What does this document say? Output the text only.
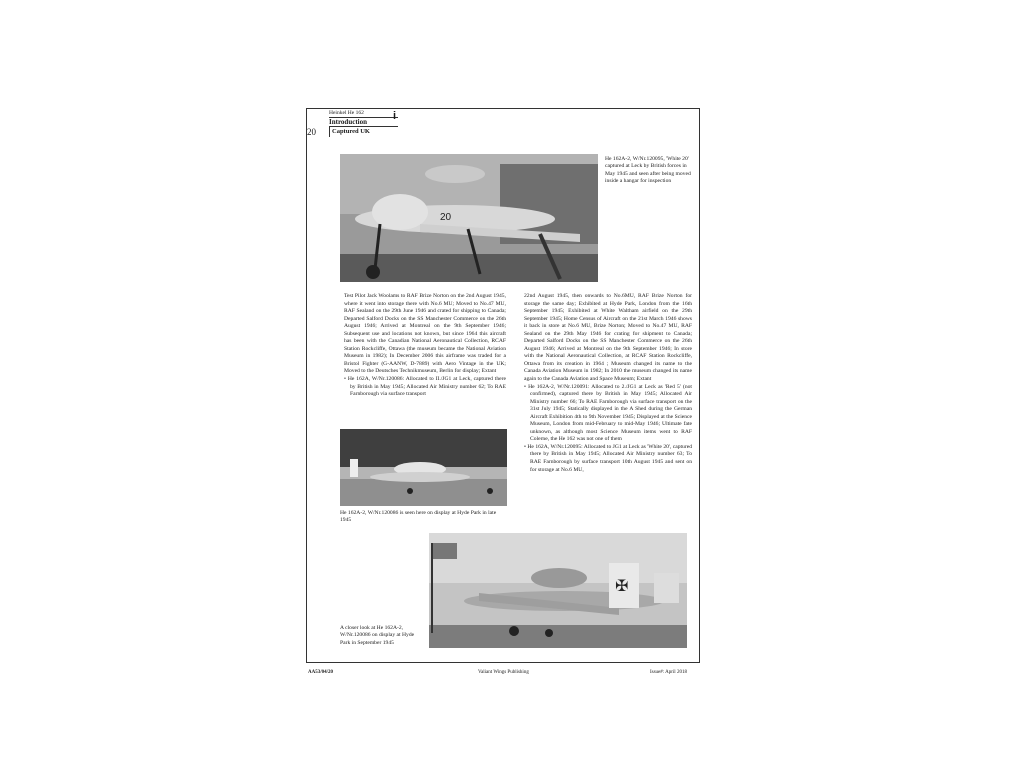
Heinkel He 162
Introduction
20	Captured UK
i
20
He 162A-2, W/Nr.120095, 'White 20' captured at Leck by British forces in May 1945 and seen after being moved inside a hangar for inspection

Test Pilot Jack Woolams to RAF Brize Norton on the 2nd August 1945, where it went into storage there with No.6 MU; Moved to No.47 MU, RAF Sealand on the 29th June 1946 and crated for shipping to Canada; Departed Salford Docks on the SS Manchester Commerce on the 26th August 1946; Arrived at Montreal on the 9th September 1946; Subsequent use and locations not known, but since 1964 this aircraft has been with the Canadian National Aeronautical Collection, RCAF Station Rockcliffe, Ottawa (the museum became the National Aviation Museum in 1982); In December 2006 this airframe was traded for a Bristol Fighter (G-AANW, D-7889) with Aero Vintage in the UK; Moved to the Deutsches Technikmuseum, Berlin for display; Extant

• He 162A, W/Nr.120086: Allocated to II./JG1 at Leck, captured there by British in May 1945; Allocated Air Ministry number 62; To RAE Farnborough via surface transport

22nd August 1945, then onwards to No.6MU, RAF Brize Norton for storage the same day; Exhibited at Hyde Park, London from the 16th September 1945; Exhibited at White Waltham airfield on the 29th September 1945; Home Census of Aircraft on the 21st March 1946 shows it back in store at No.6 MU, Brize Norton; Moved to No.47 MU, RAF Sealand on the 29th May 1946 for crating for shipment to Canada; Departed Salford Docks on the SS Manchester Commerce on the 26th August 1946; Arrived at Montreal on the 9th September 1946; In store with the National Aeronautical Collection, at RCAF Station Rockcliffe, Ottawa from its creation in 1964 ; Museum changed its name to the Canada Aviation Museum in 1982; In 2010 the museum changed its name again to the Canada Aviation and Space Museum; Extant

• He 162A-2, W/Nr.120091: Allocated to 2./JG1 at Leck as 'Red 5' (not confirmed), captured there by British in May 1945; Allocated Air Ministry number 66; To RAE Farnborough via surface transport on the 31st July 1945; Statically displayed in the A Shed during the German Aircraft Exhibition 4th to 9th November 1945; Displayed at the Science Museum, London from mid-February to mid-May 1946; Ultimate fate unknown, as although most Science Museum items went to RAF Colerne, the He 162 was not one of them
• He 162A, W/Nr.120095: Allocated to JG1 at Leck as 'White 20', captured there by British in May 1945; Allocated Air Ministry number 63; To RAE Farnborough by surface transport 10th August 1945 and sent on for storage at No.6 MU,
He 162A-2, W/Nr.120086 is seen here on display at Hyde Park in late 1945
✠
A closer look at He 162A-2, W/Nr.120086 on display at Hyde Park in September 1945
AA53/04/20	Valiant Wings Publishing	Issue#: April 2018
